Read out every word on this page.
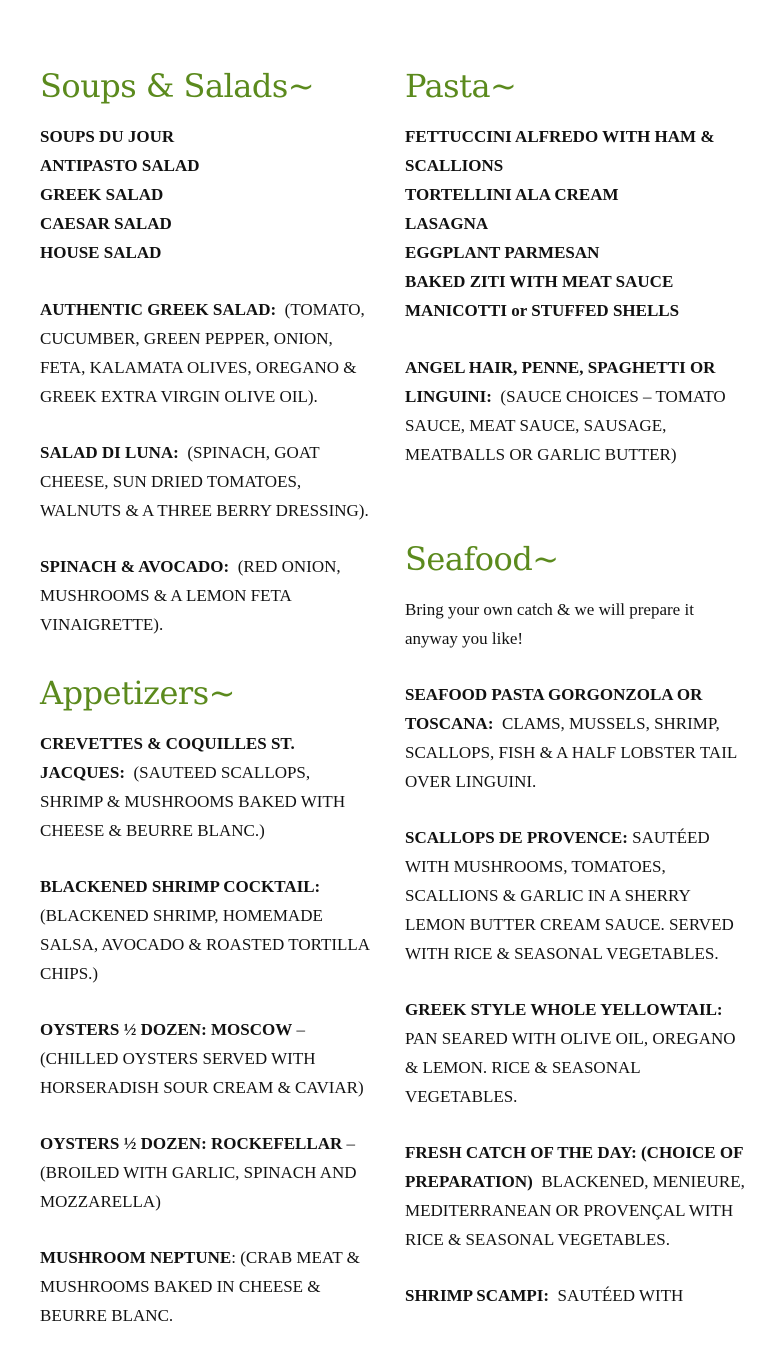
Soups & Salads~
SOUPS DU JOUR
ANTIPASTO SALAD
GREEK SALAD
CAESAR SALAD
HOUSE SALAD

AUTHENTIC GREEK SALAD: (TOMATO, CUCUMBER, GREEN PEPPER, ONION, FETA, KALAMATA OLIVES, OREGANO & GREEK EXTRA VIRGIN OLIVE OIL).

SALAD DI LUNA: (SPINACH, GOAT CHEESE, SUN DRIED TOMATOES, WALNUTS & A THREE BERRY DRESSING).

SPINACH & AVOCADO: (RED ONION, MUSHROOMS & A LEMON FETA VINAIGRETTE).

Appetizers~

CREVETTES & COQUILLES ST. JACQUES: (SAUTEED SCALLOPS, SHRIMP & MUSHROOMS BAKED WITH CHEESE & BEURRE BLANC.)

BLACKENED SHRIMP COCKTAIL: (BLACKENED SHRIMP, HOMEMADE SALSA, AVOCADO & ROASTED TORTILLA CHIPS.)

OYSTERS ½ DOZEN: MOSCOW – (CHILLED OYSTERS SERVED WITH HORSERADISH SOUR CREAM & CAVIAR)

OYSTERS ½ DOZEN: ROCKEFELLAR – (BROILED WITH GARLIC, SPINACH AND MOZZARELLA)

MUSHROOM NEPTUNE: (CRAB MEAT & MUSHROOMS BAKED IN CHEESE & BEURRE BLANC.

Pasta~
FETTUCCINI ALFREDO WITH HAM & SCALLIONS
TORTELLINI ALA CREAM
LASAGNA
EGGPLANT PARMESAN
BAKED ZITI WITH MEAT SAUCE
MANICOTTI or STUFFED SHELLS

ANGEL HAIR, PENNE, SPAGHETTI OR LINGUINI: (SAUCE CHOICES – TOMATO SAUCE, MEAT SAUCE, SAUSAGE, MEATBALLS OR GARLIC BUTTER)

Seafood~

Bring your own catch & we will prepare it anyway you like!

SEAFOOD PASTA GORGONZOLA OR TOSCANA: CLAMS, MUSSELS, SHRIMP, SCALLOPS, FISH & A HALF LOBSTER TAIL OVER LINGUINI.

SCALLOPS DE PROVENCE: SAUTÉED WITH MUSHROOMS, TOMATOES, SCALLIONS & GARLIC IN A SHERRY LEMON BUTTER CREAM SAUCE. SERVED WITH RICE & SEASONAL VEGETABLES.

GREEK STYLE WHOLE YELLOWTAIL: PAN SEARED WITH OLIVE OIL, OREGANO & LEMON. RICE & SEASONAL VEGETABLES.

FRESH CATCH OF THE DAY: (CHOICE OF PREPARATION) BLACKENED, MENIEURE, MEDITERRANEAN OR PROVENÇAL WITH RICE & SEASONAL VEGETABLES.

SHRIMP SCAMPI: SAUTÉED WITH
